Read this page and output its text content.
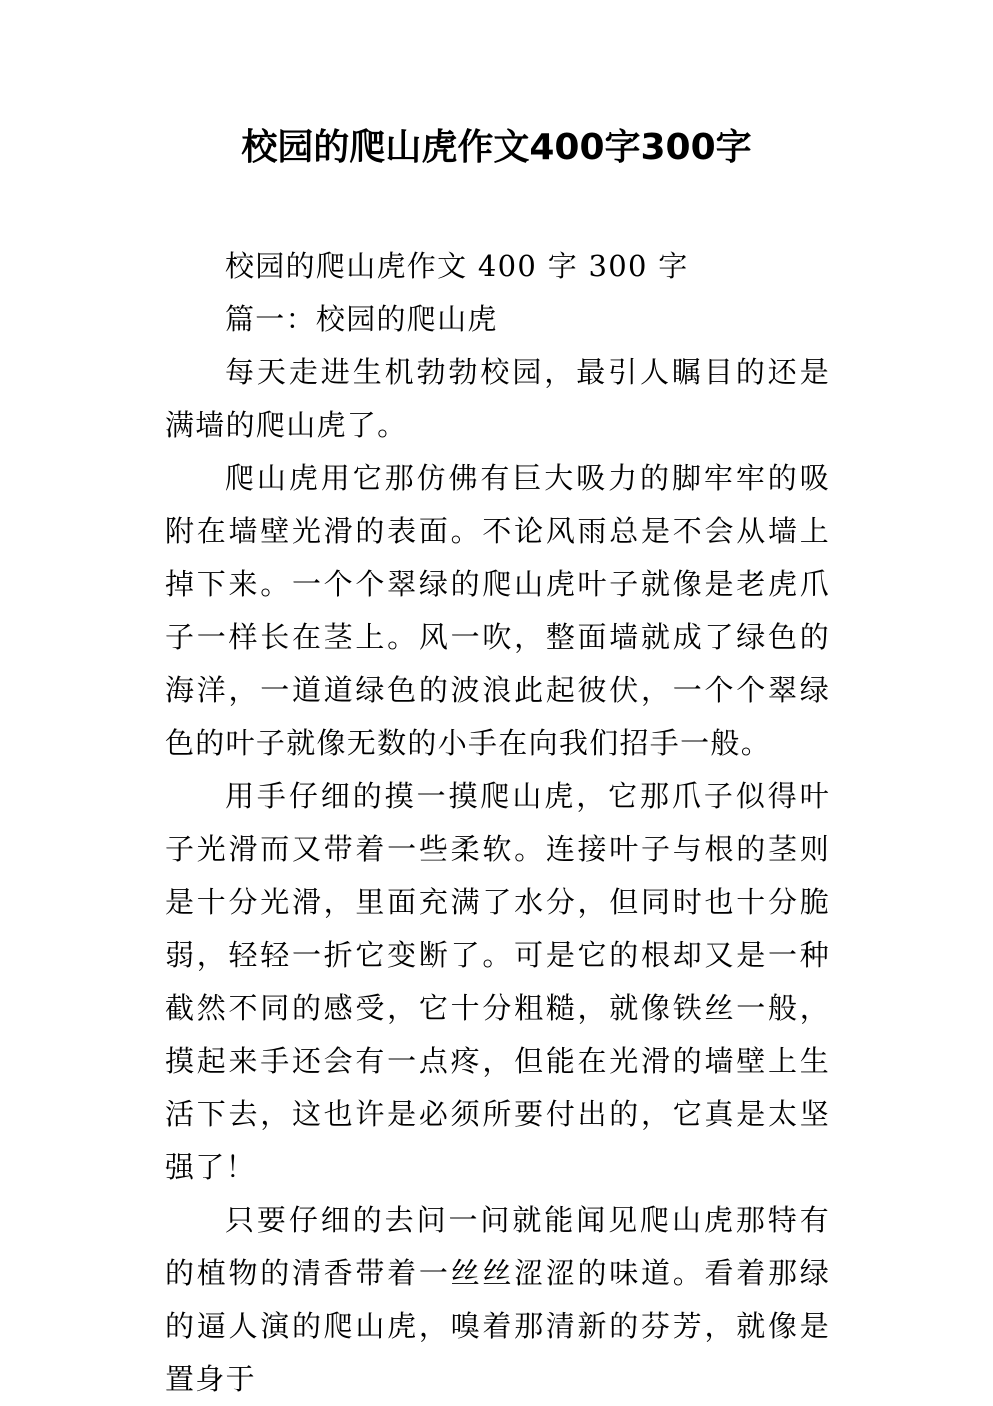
校园的爬山虎作文400字300字

校园的爬山虎作文 400 字 300 字

篇一：校园的爬山虎

每天走进生机勃勃校园，最引人瞩目的还是满墙的爬山虎了。

爬山虎用它那仿佛有巨大吸力的脚牢牢的吸附在墙壁光滑的表面。不论风雨总是不会从墙上掉下来。一个个翠绿的爬山虎叶子就像是老虎爪子一样长在茎上。风一吹，整面墙就成了绿色的海洋，一道道绿色的波浪此起彼伏，一个个翠绿色的叶子就像无数的小手在向我们招手一般。

用手仔细的摸一摸爬山虎，它那爪子似得叶子光滑而又带着一些柔软。连接叶子与根的茎则是十分光滑，里面充满了水分，但同时也十分脆弱，轻轻一折它变断了。可是它的根却又是一种截然不同的感受，它十分粗糙，就像铁丝一般，摸起来手还会有一点疼，但能在光滑的墙壁上生活下去，这也许是必须所要付出的，它真是太坚强了！

只要仔细的去问一问就能闻见爬山虎那特有的植物的清香带着一丝丝涩涩的味道。看着那绿的逼人演的爬山虎，嗅着那清新的芬芳，就像是置身于
